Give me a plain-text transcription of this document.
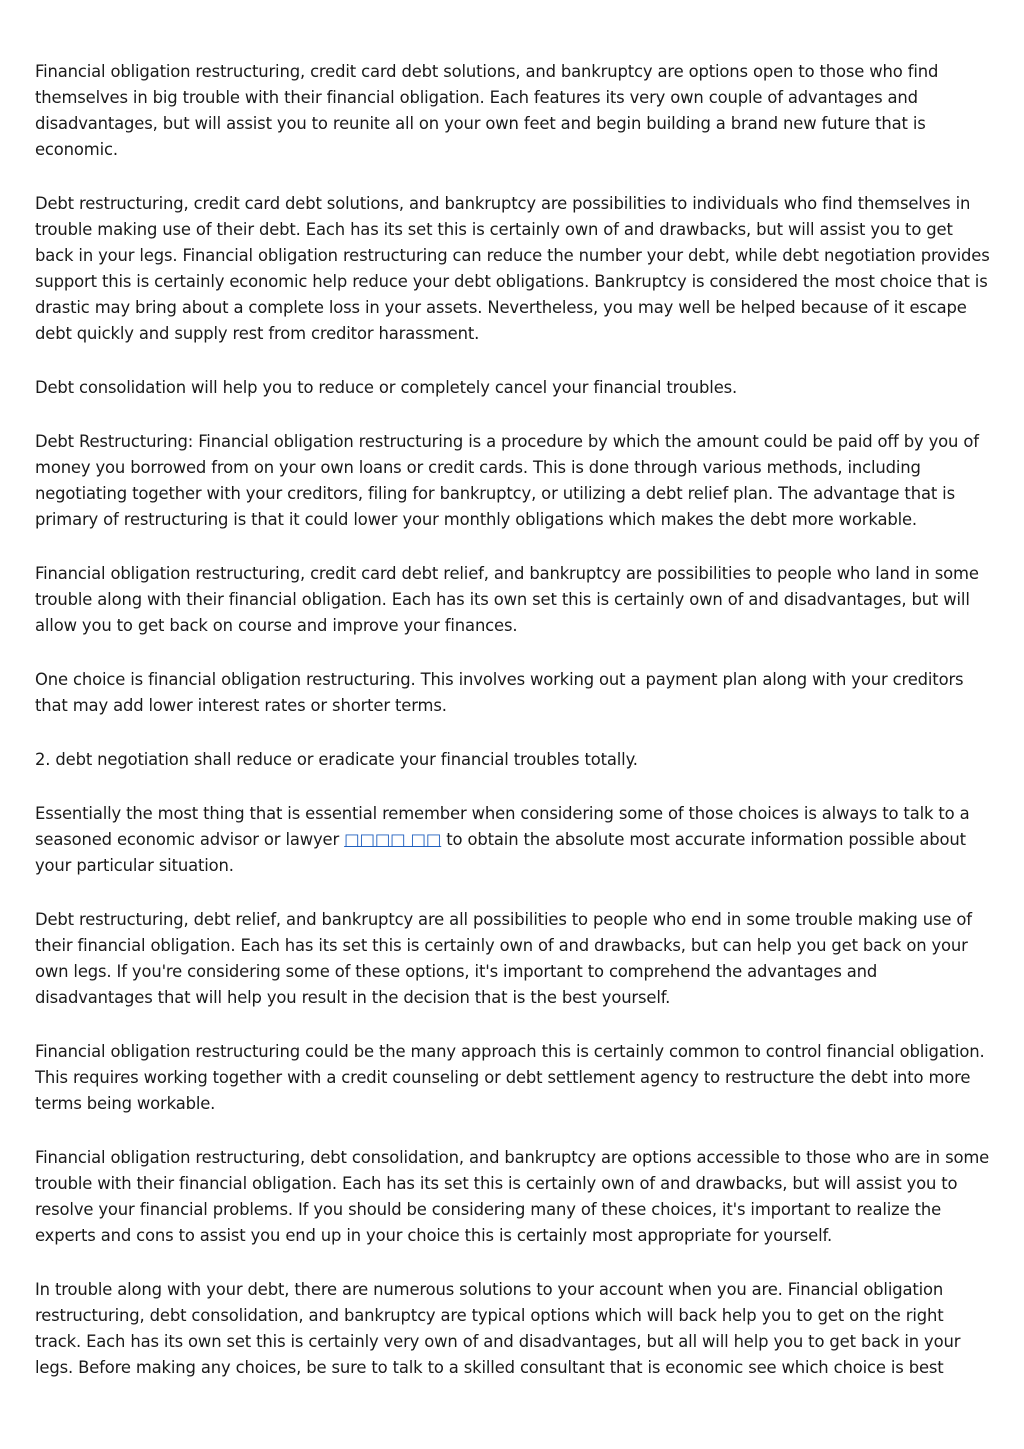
Financial obligation restructuring, credit card debt solutions, and bankruptcy are options open to those who find themselves in big trouble with their financial obligation. Each features its very own couple of advantages and disadvantages, but will assist you to reunite all on your own feet and begin building a brand new future that is economic.

Debt restructuring, credit card debt solutions, and bankruptcy are possibilities to individuals who find themselves in trouble making use of their debt. Each has its set this is certainly own of and drawbacks, but will assist you to get back in your legs. Financial obligation restructuring can reduce the number your debt, while debt negotiation provides support this is certainly economic help reduce your debt obligations. Bankruptcy is considered the most choice that is drastic may bring about a complete loss in your assets. Nevertheless, you may well be helped because of it escape debt quickly and supply rest from creditor harassment.

Debt consolidation will help you to reduce or completely cancel your financial troubles.

Debt Restructuring: Financial obligation restructuring is a procedure by which the amount could be paid off by you of money you borrowed from on your own loans or credit cards. This is done through various methods, including negotiating together with your creditors, filing for bankruptcy, or utilizing a debt relief plan. The advantage that is primary of restructuring is that it could lower your monthly obligations which makes the debt more workable.

Financial obligation restructuring, credit card debt relief, and bankruptcy are possibilities to people who land in some trouble along with their financial obligation. Each has its own set this is certainly own of and disadvantages, but will allow you to get back on course and improve your finances.

One choice is financial obligation restructuring. This involves working out a payment plan along with your creditors that may add lower interest rates or shorter terms.

2. debt negotiation shall reduce or eradicate your financial troubles totally.

Essentially the most thing that is essential remember when considering some of those choices is always to talk to a seasoned economic advisor or lawyer □□□□ □□ to obtain the absolute most accurate information possible about your particular situation.

Debt restructuring, debt relief, and bankruptcy are all possibilities to people who end in some trouble making use of their financial obligation. Each has its set this is certainly own of and drawbacks, but can help you get back on your own legs. If you're considering some of these options, it's important to comprehend the advantages and disadvantages that will help you result in the decision that is the best yourself.

Financial obligation restructuring could be the many approach this is certainly common to control financial obligation. This requires working together with a credit counseling or debt settlement agency to restructure the debt into more terms being workable.

Financial obligation restructuring, debt consolidation, and bankruptcy are options accessible to those who are in some trouble with their financial obligation. Each has its set this is certainly own of and drawbacks, but will assist you to resolve your financial problems. If you should be considering many of these choices, it's important to realize the experts and cons to assist you end up in your choice this is certainly most appropriate for yourself.

In trouble along with your debt, there are numerous solutions to your account when you are. Financial obligation restructuring, debt consolidation, and bankruptcy are typical options which will back help you to get on the right track. Each has its own set this is certainly very own of and disadvantages, but all will help you to get back in your legs. Before making any choices, be sure to talk to a skilled consultant that is economic see which choice is best
